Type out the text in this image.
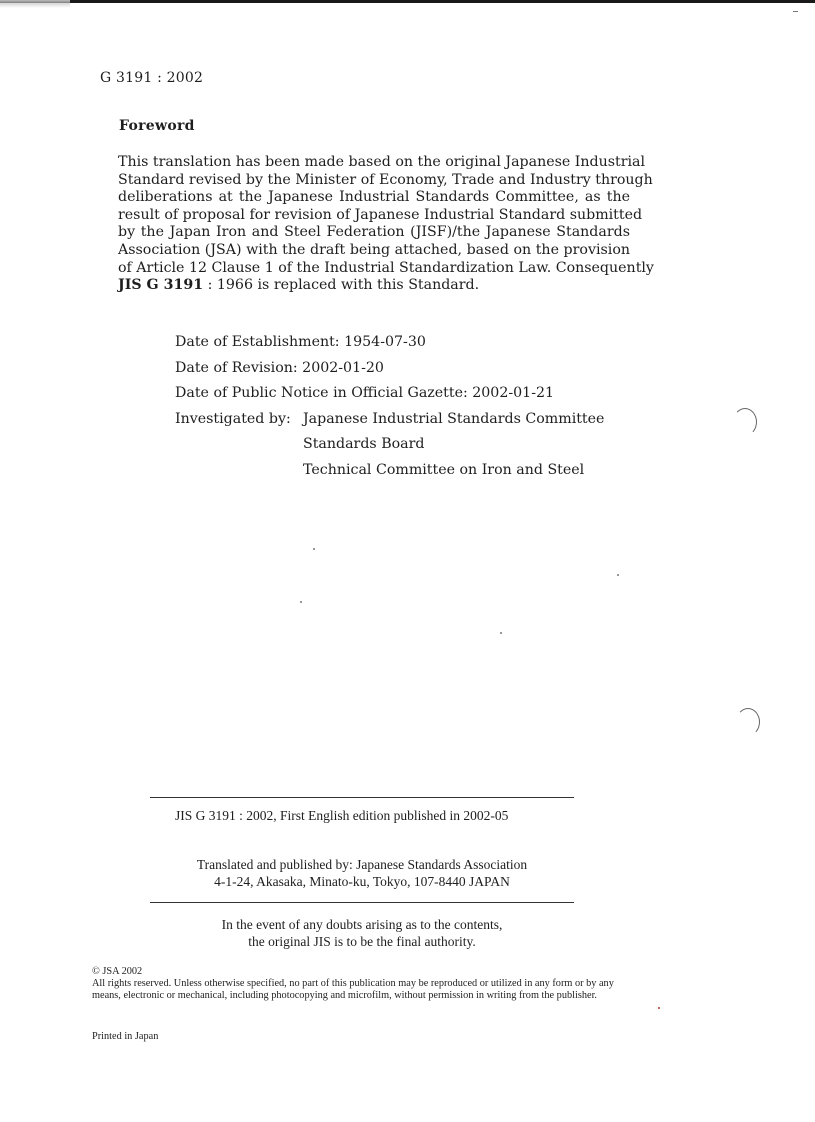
G 3191 : 2002
Foreword
This translation has been made based on the original Japanese Industrial
Standard revised by the Minister of Economy, Trade and Industry through
deliberations at the Japanese Industrial Standards Committee, as the
result of proposal for revision of Japanese Industrial Standard submitted
by the Japan Iron and Steel Federation (JISF)/the Japanese Standards
Association (JSA) with the draft being attached, based on the provision
of Article 12 Clause 1 of the Industrial Standardization Law. Consequently
JIS G 3191 : 1966 is replaced with this Standard.
Date of Establishment: 1954-07-30
Date of Revision: 2002-01-20
Date of Public Notice in Official Gazette: 2002-01-21
Investigated by: Japanese Industrial Standards Committee
Standards Board
Technical Committee on Iron and Steel
JIS G 3191 : 2002, First English edition published in 2002-05
Translated and published by: Japanese Standards Association
4-1-24, Akasaka, Minato-ku, Tokyo, 107-8440 JAPAN
In the event of any doubts arising as to the contents,
the original JIS is to be the final authority.
© JSA 2002
All rights reserved. Unless otherwise specified, no part of this publication may be reproduced or utilized in any form or by any means, electronic or mechanical, including photocopying and microfilm, without permission in writing from the publisher.
Printed in Japan
